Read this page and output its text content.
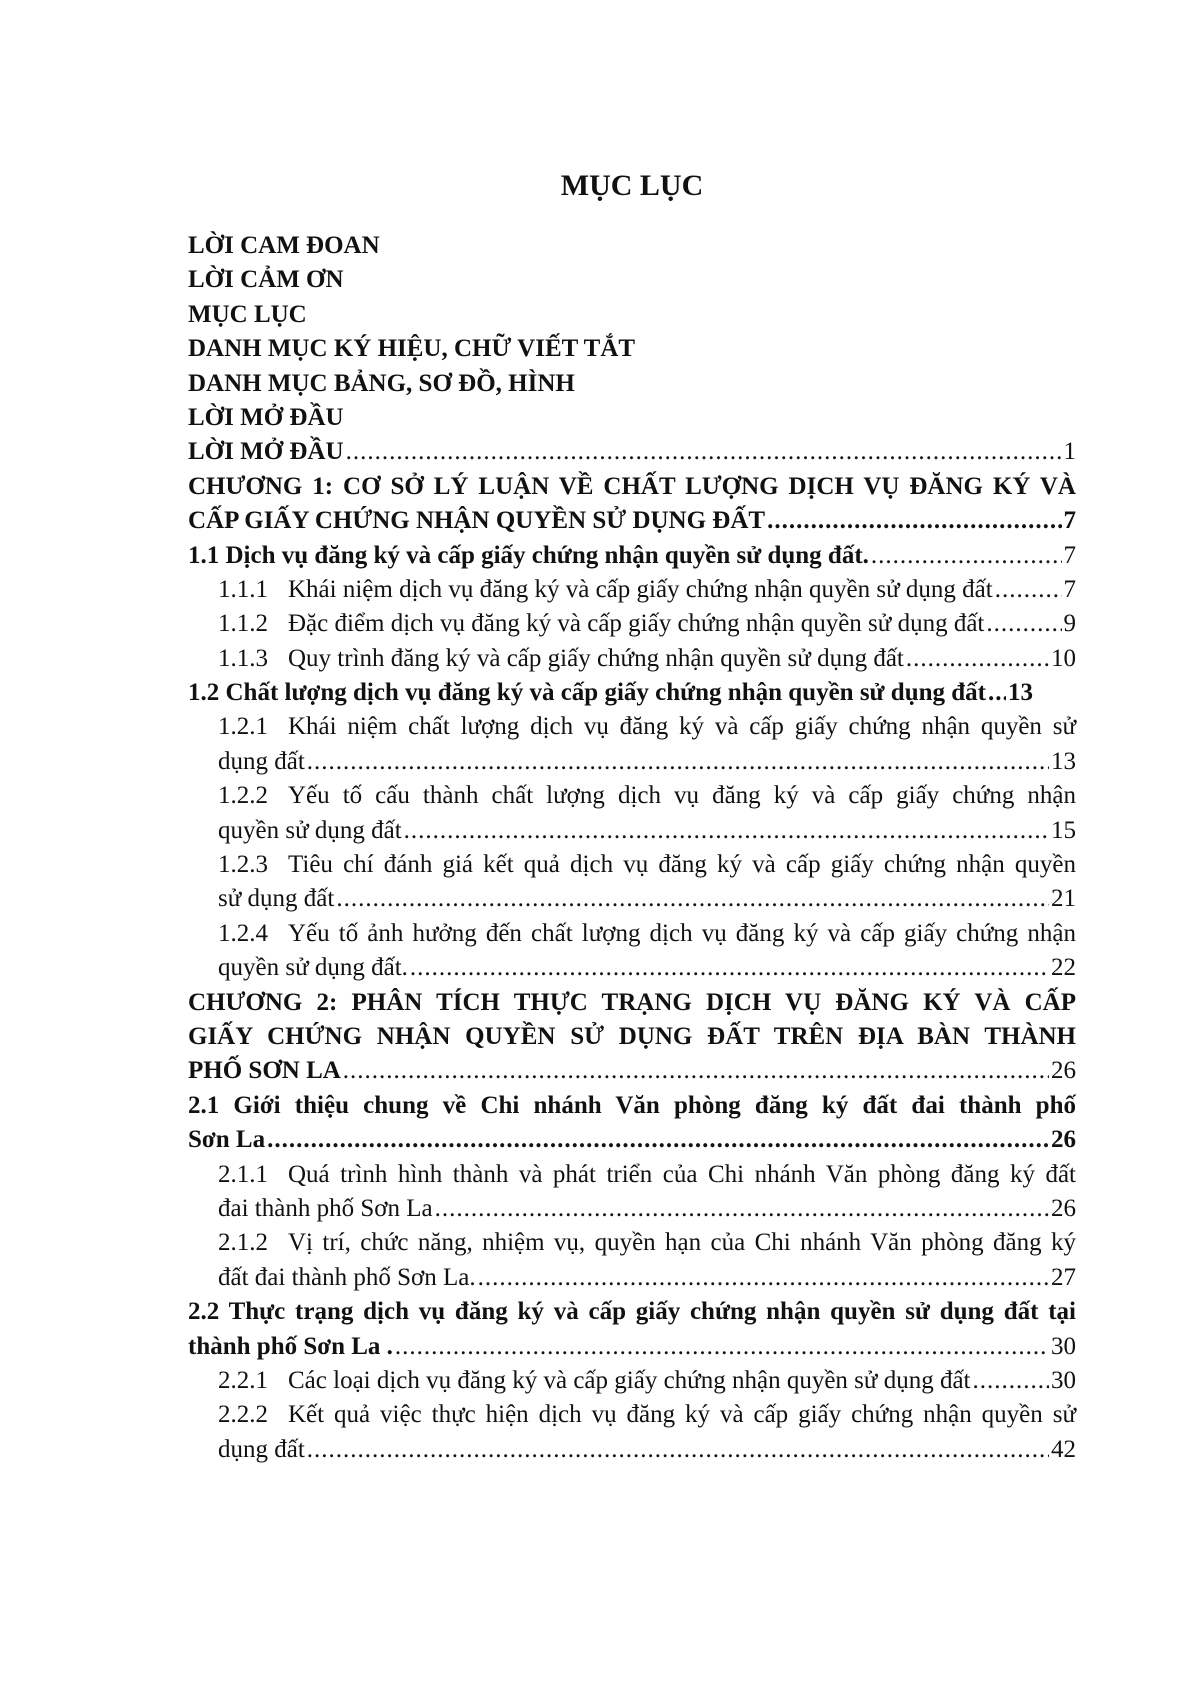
MỤC LỤC
LỜI CAM ĐOAN
LỜI CẢM ƠN
MỤC LỤC
DANH MỤC KÝ HIỆU, CHỮ VIẾT TẮT
DANH MỤC BẢNG, SƠ ĐỒ, HÌNH
LỜI MỞ ĐẦU
LỜI MỞ ĐẦU .....	1
CHƯƠNG 1: CƠ SỞ LÝ LUẬN VỀ CHẤT LƯỢNG DỊCH VỤ ĐĂNG KÝ VÀ
CẤP GIẤY CHỨNG NHẬN QUYỀN SỬ DỤNG ĐẤT .....	7
1.1 Dịch vụ đăng ký và cấp giấy chứng nhận quyền sử dụng đất. .....	7
1.1.1 Khái niệm dịch vụ đăng ký và cấp giấy chứng nhận quyền sử dụng đất .....	7
1.1.2 Đặc điểm dịch vụ đăng ký và cấp giấy chứng nhận quyền sử dụng đất .....	9
1.1.3 Quy trình đăng ký và cấp giấy chứng nhận quyền sử dụng đất .....	10
1.2 Chất lượng dịch vụ đăng ký và cấp giấy chứng nhận quyền sử dụng đất ..... 13
1.2.1 Khái niệm chất lượng dịch vụ đăng ký và cấp giấy chứng nhận quyền sử
dụng đất .....	13
1.2.2 Yếu tố cấu thành chất lượng dịch vụ đăng ký và cấp giấy chứng nhận
quyền sử dụng đất .....	15
1.2.3 Tiêu chí đánh giá kết quả dịch vụ đăng ký và cấp giấy chứng nhận quyền
sử dụng đất .....	21
1.2.4 Yếu tố ảnh hưởng đến chất lượng dịch vụ đăng ký và cấp giấy chứng nhận
quyền sử dụng đất. .....	22
CHƯƠNG 2: PHÂN TÍCH THỰC TRẠNG DỊCH VỤ ĐĂNG KÝ VÀ CẤP
GIẤY CHỨNG NHẬN QUYỀN SỬ DỤNG ĐẤT TRÊN ĐỊA BÀN THÀNH
PHỐ SƠN LA .....	26
2.1 Giới thiệu chung về Chi nhánh Văn phòng đăng ký đất đai thành phố
Sơn La .....	26
2.1.1 Quá trình hình thành và phát triển của Chi nhánh Văn phòng đăng ký đất
đai thành phố Sơn La .....	26
2.1.2 Vị trí, chức năng, nhiệm vụ, quyền hạn của Chi nhánh Văn phòng đăng ký
đất đai thành phố Sơn La. .....	27
2.2 Thực trạng dịch vụ đăng ký và cấp giấy chứng nhận quyền sử dụng đất tại
thành phố Sơn La . .....	30
2.2.1 Các loại dịch vụ đăng ký và cấp giấy chứng nhận quyền sử dụng đất .....	30
2.2.2 Kết quả việc thực hiện dịch vụ đăng ký và cấp giấy chứng nhận quyền sử
dụng đất .....	42
